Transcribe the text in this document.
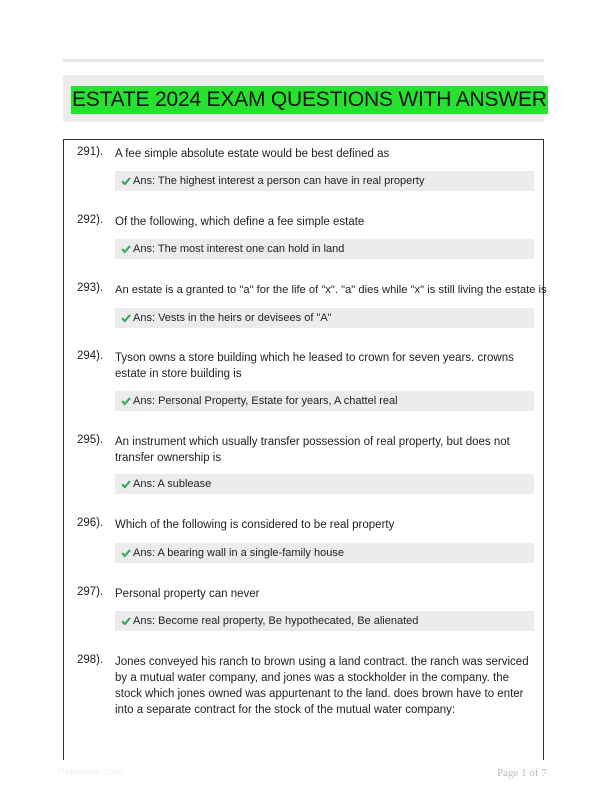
ESTATE 2024 EXAM QUESTIONS WITH ANSWER
291). A fee simple absolute estate would be best defined as
Ans: The highest interest a person can have in real property
292). Of the following, which define a fee simple estate
Ans: The most interest one can hold in land
293). An estate is a granted to "a" for the life of "x". "a" dies while "x" is still living the estate is
Ans: Vests in the heirs or devisees of "A"
294). Tyson owns a store building which he leased to crown for seven years. crowns estate in store building is
Ans: Personal Property, Estate for years, A chattel real
295). An instrument which usually transfer possession of real property, but does not transfer ownership is
Ans: A sublease
296). Which of the following is considered to be real property
Ans: A bearing wall in a single-family house
297). Personal property can never
Ans: Become real property, Be hypothecated, Be alienated
298). Jones conveyed his ranch to brown using a land contract. the ranch was serviced by a mutual water company, and jones was a stockholder in the company. the stock which jones owned was appurtenant to the land. does brown have to enter into a separate contract for the stock of the mutual water company:
Paperbite.com	Page 1 of 7
